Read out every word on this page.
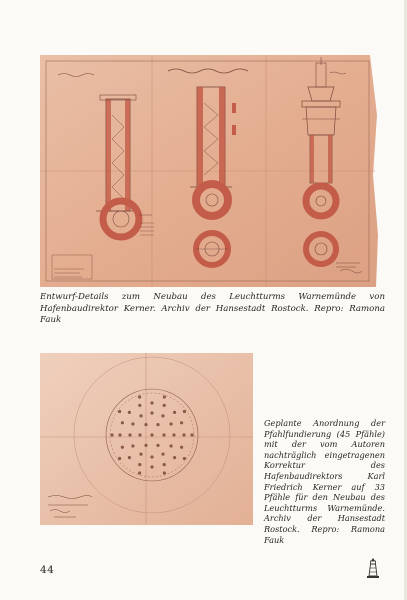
Entwurf-Details zum Neubau des Leuchtturms Warnemünde von Hafenbaudirektor Kerner. Archiv der Hansestadt Rostock. Repro: Ramona Fauk
Geplante Anordnung der Pfahlfundierung (45 Pfähle) mit der vom Autoren nachträglich eingetragenen Korrektur des Hafenbaudirektors Karl Friedrich Kerner auf 33 Pfähle für den Neubau des Leuchtturms Warnemünde. Archiv der Hansestadt Rostock. Repro: Ramona Fauk
44
